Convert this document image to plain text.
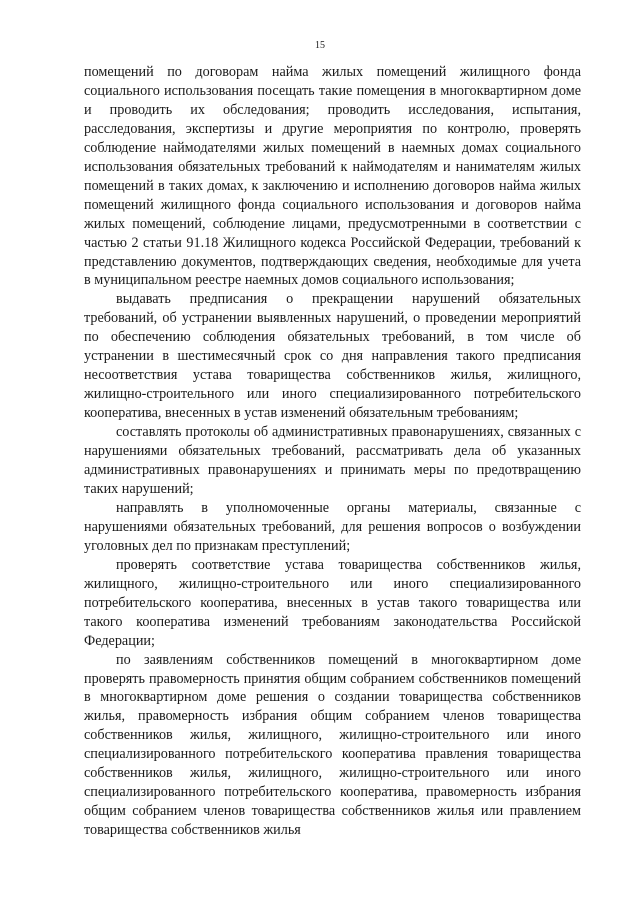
15

помещений по договорам найма жилых помещений жилищного фонда социального использования посещать такие помещения в многоквартирном доме и проводить их обследования; проводить исследования, испытания, расследования, экспертизы и другие мероприятия по контролю, проверять соблюдение наймодателями жилых помещений в наемных домах социального использования обязательных требований к наймодателям и нанимателям жилых помещений в таких домах, к заключению и исполнению договоров найма жилых помещений жилищного фонда социального использования и договоров найма жилых помещений, соблюдение лицами, предусмотренными в соответствии с частью 2 статьи 91.18 Жилищного кодекса Российской Федерации, требований к представлению документов, подтверждающих сведения, необходимые для учета в муниципальном реестре наемных домов социального использования;

выдавать предписания о прекращении нарушений обязательных требований, об устранении выявленных нарушений, о проведении мероприятий по обеспечению соблюдения обязательных требований, в том числе об устранении в шестимесячный срок со дня направления такого предписания несоответствия устава товарищества собственников жилья, жилищного, жилищно-строительного или иного специализированного потребительского кооператива, внесенных в устав изменений обязательным требованиям;

составлять протоколы об административных правонарушениях, связанных с нарушениями обязательных требований, рассматривать дела об указанных административных правонарушениях и принимать меры по предотвращению таких нарушений;

направлять в уполномоченные органы материалы, связанные с нарушениями обязательных требований, для решения вопросов о возбуждении уголовных дел по признакам преступлений;

проверять соответствие устава товарищества собственников жилья, жилищного, жилищно-строительного или иного специализированного потребительского кооператива, внесенных в устав такого товарищества или такого кооператива изменений требованиям законодательства Российской Федерации;

по заявлениям собственников помещений в многоквартирном доме проверять правомерность принятия общим собранием собственников помещений в многоквартирном доме решения о создании товарищества собственников жилья, правомерность избрания общим собранием членов товарищества собственников жилья, жилищного, жилищно-строительного или иного специализированного потребительского кооператива правления товарищества собственников жилья, жилищного, жилищно-строительного или иного специализированного потребительского кооператива, правомерность избрания общим собранием членов товарищества собственников жилья или правлением товарищества собственников жилья
